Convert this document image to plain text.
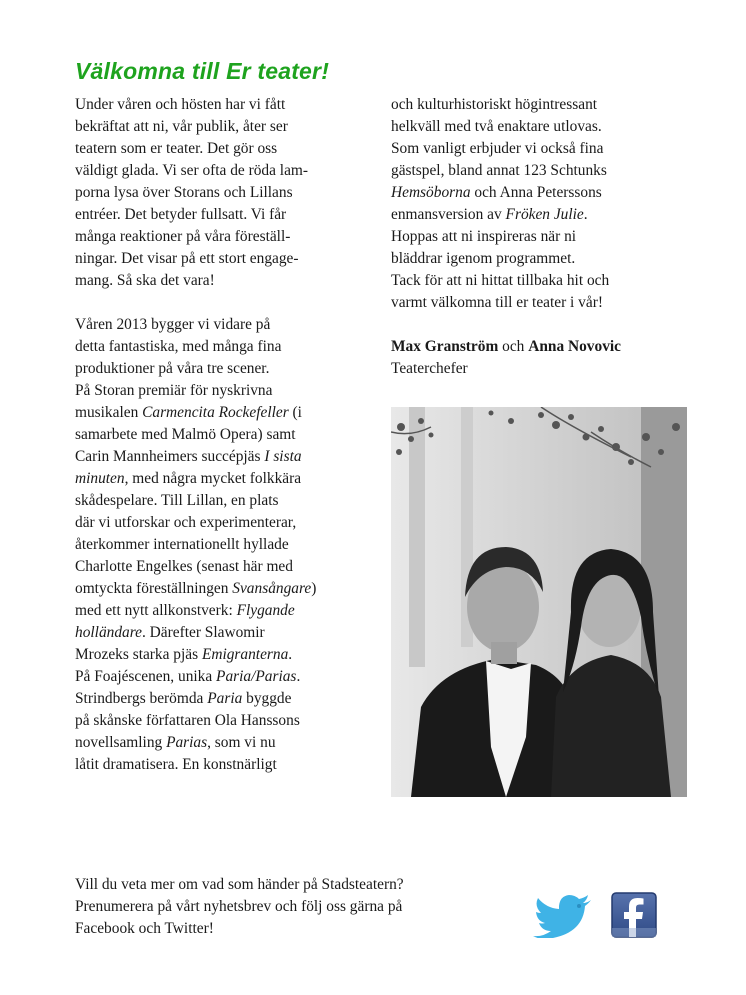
Välkomna till Er teater!
Under våren och hösten har vi fått
bekräftat att ni, vår publik, åter ser
teatern som er teater. Det gör oss
väldigt glada. Vi ser ofta de röda lam-
porna lysa över Storans och Lillans
entréer. Det betyder fullsatt. Vi får
många reaktioner på våra föreställ-
ningar. Det visar på ett stort engage-
mang. Så ska det vara!
Våren 2013 bygger vi vidare på
detta fantastiska, med många fina
produktioner på våra tre scener.
På Storan premiär för nyskrivna
musikalen Carmencita Rockefeller (i
samarbete med Malmö Opera) samt
Carin Mannheimers succépjäs I sista
minuten, med några mycket folkkära
skådespelare. Till Lillan, en plats
där vi utforskar och experimenterar,
återkommer internationellt hyllade
Charlotte Engelkes (senast här med
omtyckta föreställningen Svansångare)
med ett nytt allkonstverk: Flygande
holländare. Därefter Slawomir
Mrozeks starka pjäs Emigranterna.
På Foajéscenen, unika Paria/Parias.
Strindbergs berömda Paria byggde
på skånske författaren Ola Hanssons
novellsamling Parias, som vi nu
låtit dramatisera. En konstnärligt
och kulturhistoriskt högintressant
helkväll med två enaktare utlovas.
Som vanligt erbjuder vi också fina
gästspel, bland annat 123 Schtunks
Hemsöborna och Anna Peterssons
enmansversion av Fröken Julie.
Hoppas att ni inspireras när ni
bläddrar igenom programmet.
Tack för att ni hittat tillbaka hit och
varmt välkomna till er teater i vår!
Max Granström och Anna Novovic
Teaterchefer
Vill du veta mer om vad som händer på Stadsteatern?
Prenumerera på vårt nyhetsbrev och följ oss gärna på
Facebook och Twitter!
